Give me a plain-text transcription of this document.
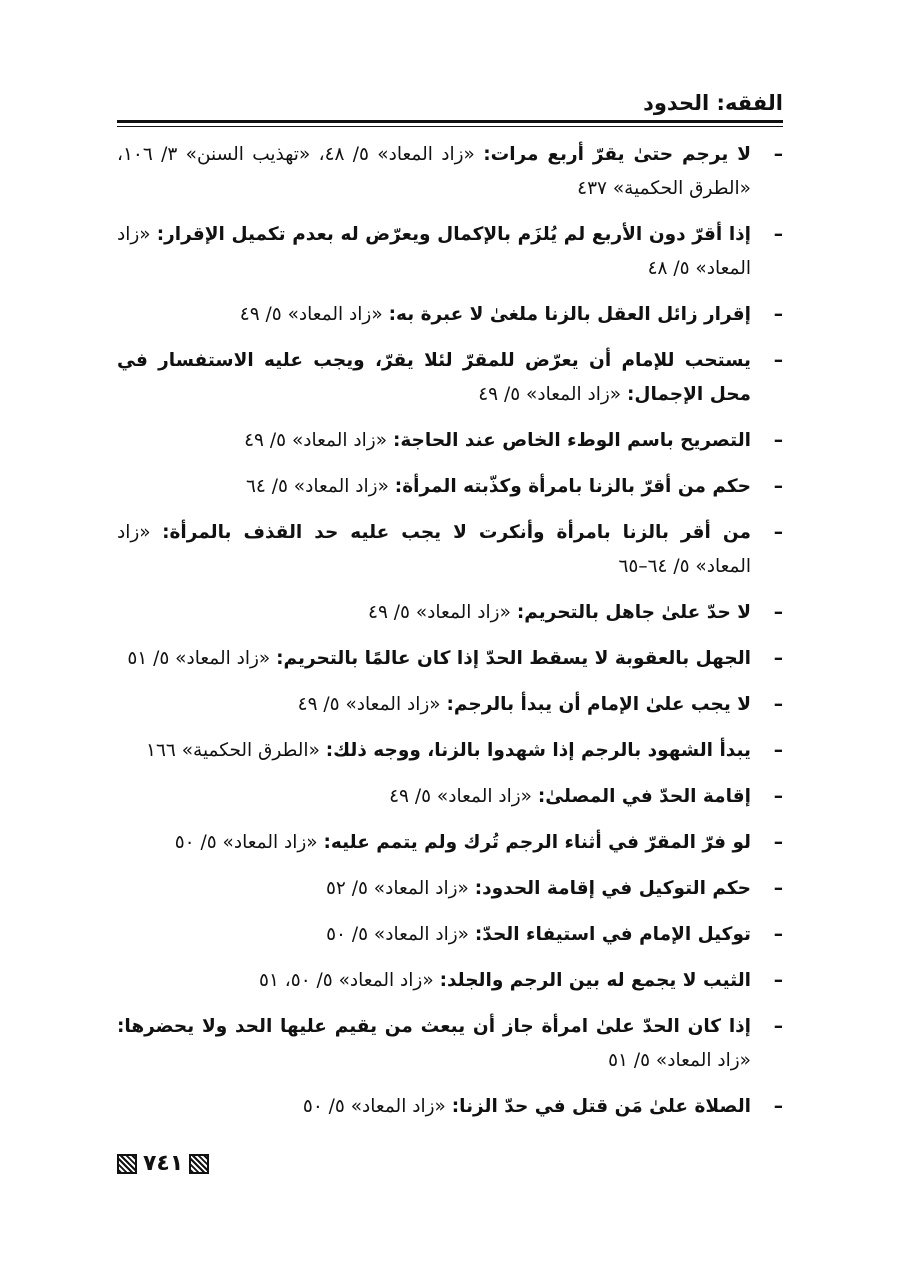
الفقه: الحدود
–
لا يرجم حتىٰ يقرّ أربع مرات: «زاد المعاد» ٥/ ٤٨، «تهذيب السنن» ٣/ ١٠٦، «الطرق الحكمية» ٤٣٧
–
إذا أقرّ دون الأربع لم يُلزَم بالإكمال ويعرّض له بعدم تكميل الإقرار: «زاد المعاد» ٥/ ٤٨
–
إقرار زائل العقل بالزنا ملغىٰ لا عبرة به: «زاد المعاد» ٥/ ٤٩
–
يستحب للإمام أن يعرّض للمقرّ لئلا يقرّ، ويجب عليه الاستفسار في محل الإجمال: «زاد المعاد» ٥/ ٤٩
–
التصريح باسم الوطء الخاص عند الحاجة: «زاد المعاد» ٥/ ٤٩
–
حكم من أقرّ بالزنا بامرأة وكذّبته المرأة: «زاد المعاد» ٥/ ٦٤
–
من أقر بالزنا بامرأة وأنكرت لا يجب عليه حد القذف بالمرأة: «زاد المعاد» ٥/ ٦٤–٦٥
–
لا حدّ علىٰ جاهل بالتحريم: «زاد المعاد» ٥/ ٤٩
–
الجهل بالعقوبة لا يسقط الحدّ إذا كان عالمًا بالتحريم: «زاد المعاد» ٥/ ٥١
–
لا يجب علىٰ الإمام أن يبدأ بالرجم: «زاد المعاد» ٥/ ٤٩
–
يبدأ الشهود بالرجم إذا شهدوا بالزنا، ووجه ذلك: «الطرق الحكمية» ١٦٦
–
إقامة الحدّ في المصلىٰ: «زاد المعاد» ٥/ ٤٩
–
لو فرّ المقرّ في أثناء الرجم تُرك ولم يتمم عليه: «زاد المعاد» ٥/ ٥٠
–
حكم التوكيل في إقامة الحدود: «زاد المعاد» ٥/ ٥٢
–
توكيل الإمام في استيفاء الحدّ: «زاد المعاد» ٥/ ٥٠
–
الثيب لا يجمع له بين الرجم والجلد: «زاد المعاد» ٥/ ٥٠، ٥١
–
إذا كان الحدّ علىٰ امرأة جاز أن يبعث من يقيم عليها الحد ولا يحضرها: «زاد المعاد» ٥/ ٥١
–
الصلاة علىٰ مَن قتل في حدّ الزنا: «زاد المعاد» ٥/ ٥٠
٧٤١
